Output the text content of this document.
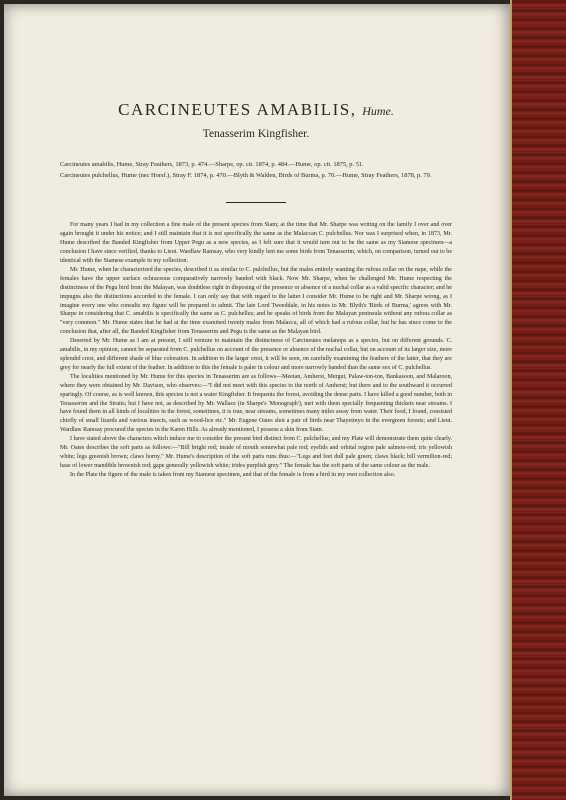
CARCINEUTES AMABILIS, Hume.

Tenasserim Kingfisher.

Carcineutes amabilis, Hume, Stray Feathers, 1873, p. 474.—Sharpe, op. cit. 1874, p. 484.—Hume, op. cit. 1875, p. 51.

Carcineutes pulchellus, Hume (nec Horsf.), Stray F. 1874, p. 470.—Blyth & Walden, Birds of Burma, p. 70.—Hume, Stray Feathers, 1878, p. 79.

For many years I had in my collection a fine male of the present species from Siam; at the time that Mr. Sharpe was writing on the family I over and over again brought it under his notice; and I still maintain that it is not specifically the same as the Malaccan C. pulchellus. Nor was I surprised when, in 1873, Mr. Hume described the Banded Kingfisher from Upper Pegu as a new species, as I felt sure that it would turn out to be the same as my Siamese specimen—a conclusion I have since verified, thanks to Lieut. Wardlaw Ramsay, who very kindly lent me some birds from Tenasserim, which, on comparison, turned out to be identical with the Siamese example in my collection.

Mr. Hume, when he characterized the species, described it as similar to C. pulchellus, but the males entirely wanting the rufous collar on the nape, while the females have the upper surface ochraceous comparatively narrowly banded with black. Now Mr. Sharpe, when he challenged Mr. Hume respecting the distinctness of the Pegu bird from the Malayan, was doubtless right in disposing of the presence or absence of a nuchal collar as a valid specific character; and he impugns also the distinctions accorded to the female. I can only say that with regard to the latter I consider Mr. Hume to be right and Mr. Sharpe wrong, as I imagine every one who consults my figure will be prepared to admit. The late Lord Tweeddale, in his notes to Mr. Blyth's 'Birds of Burma,' agrees with Mr. Sharpe in considering that C. amabilis is specifically the same as C. pulchellus; and he speaks of birds from the Malayan peninsula without any rufous collar as "very common." Mr. Hume states that he had at the time examined twenty males from Malacca, all of which had a rufous collar, but he has since come to the conclusion that, after all, the Banded Kingfisher from Tenasserim and Pegu is the same as the Malayan bird.

Deserted by Mr. Hume as I am at present, I still venture to maintain the distinctness of Carcineutes melanops as a species, but on different grounds. C. amabilis, in my opinion, cannot be separated from C. pulchellus on account of the presence or absence of the nuchal collar, but on account of its larger size, more splendid crest, and different shade of blue coloration. In addition to the larger crest, it will be seen, on carefully examining the feathers of the latter, that they are grey for nearly the full extent of the feather. In addition to this the female is paler in colour and more narrowly banded than the same sex of C. pulchellus.

The localities mentioned by Mr. Hume for this species in Tenasserim are as follows—Meetan, Amherst, Mergui, Palaw-ton-ton, Bankasoon, and Malaroon, where they were obtained by Mr. Davison, who observes:—"I did not meet with this species to the north of Amherst; but there and to the southward it occurred sparingly. Of course, as is well known, this species is not a water Kingfisher. It frequents the forest, avoiding the dense parts. I have killed a good number, both in Tenasserim and the Straits; but I have not, as described by Mr. Wallace (in Sharpe's 'Monograph'), met with them specially frequenting thickets near streams. I have found them in all kinds of localities in the forest, sometimes, it is true, near streams, sometimes many miles away from water. Their food, I found, consisted chiefly of small lizards and various insects, such as wood-lice etc." Mr. Eugene Oates shot a pair of birds near Thayetmyo in the evergreen forests; and Lieut. Wardlaw Ramsay procured the species in the Karen Hills. As already mentioned, I possess a skin from Siam.

I have stated above the characters which induce me to consider the present bird distinct from C. pulchellus; and my Plate will demonstrate them quite clearly. Mr. Oates describes the soft parts as follows:—"Bill bright red; inside of mouth somewhat pale red; eyelids and orbital region pale salmon-red; iris yellowish white; legs greenish brown; claws horny." Mr. Hume's description of the soft parts runs thus:—"Legs and feet dull pale green; claws black; bill vermilion-red; base of lower mandible brownish red; gape generally yellowish white; irides purplish grey." The female has the soft parts of the same colour as the male.

In the Plate the figure of the male is taken from my Siamese specimen, and that of the female is from a bird in my own collection also.
